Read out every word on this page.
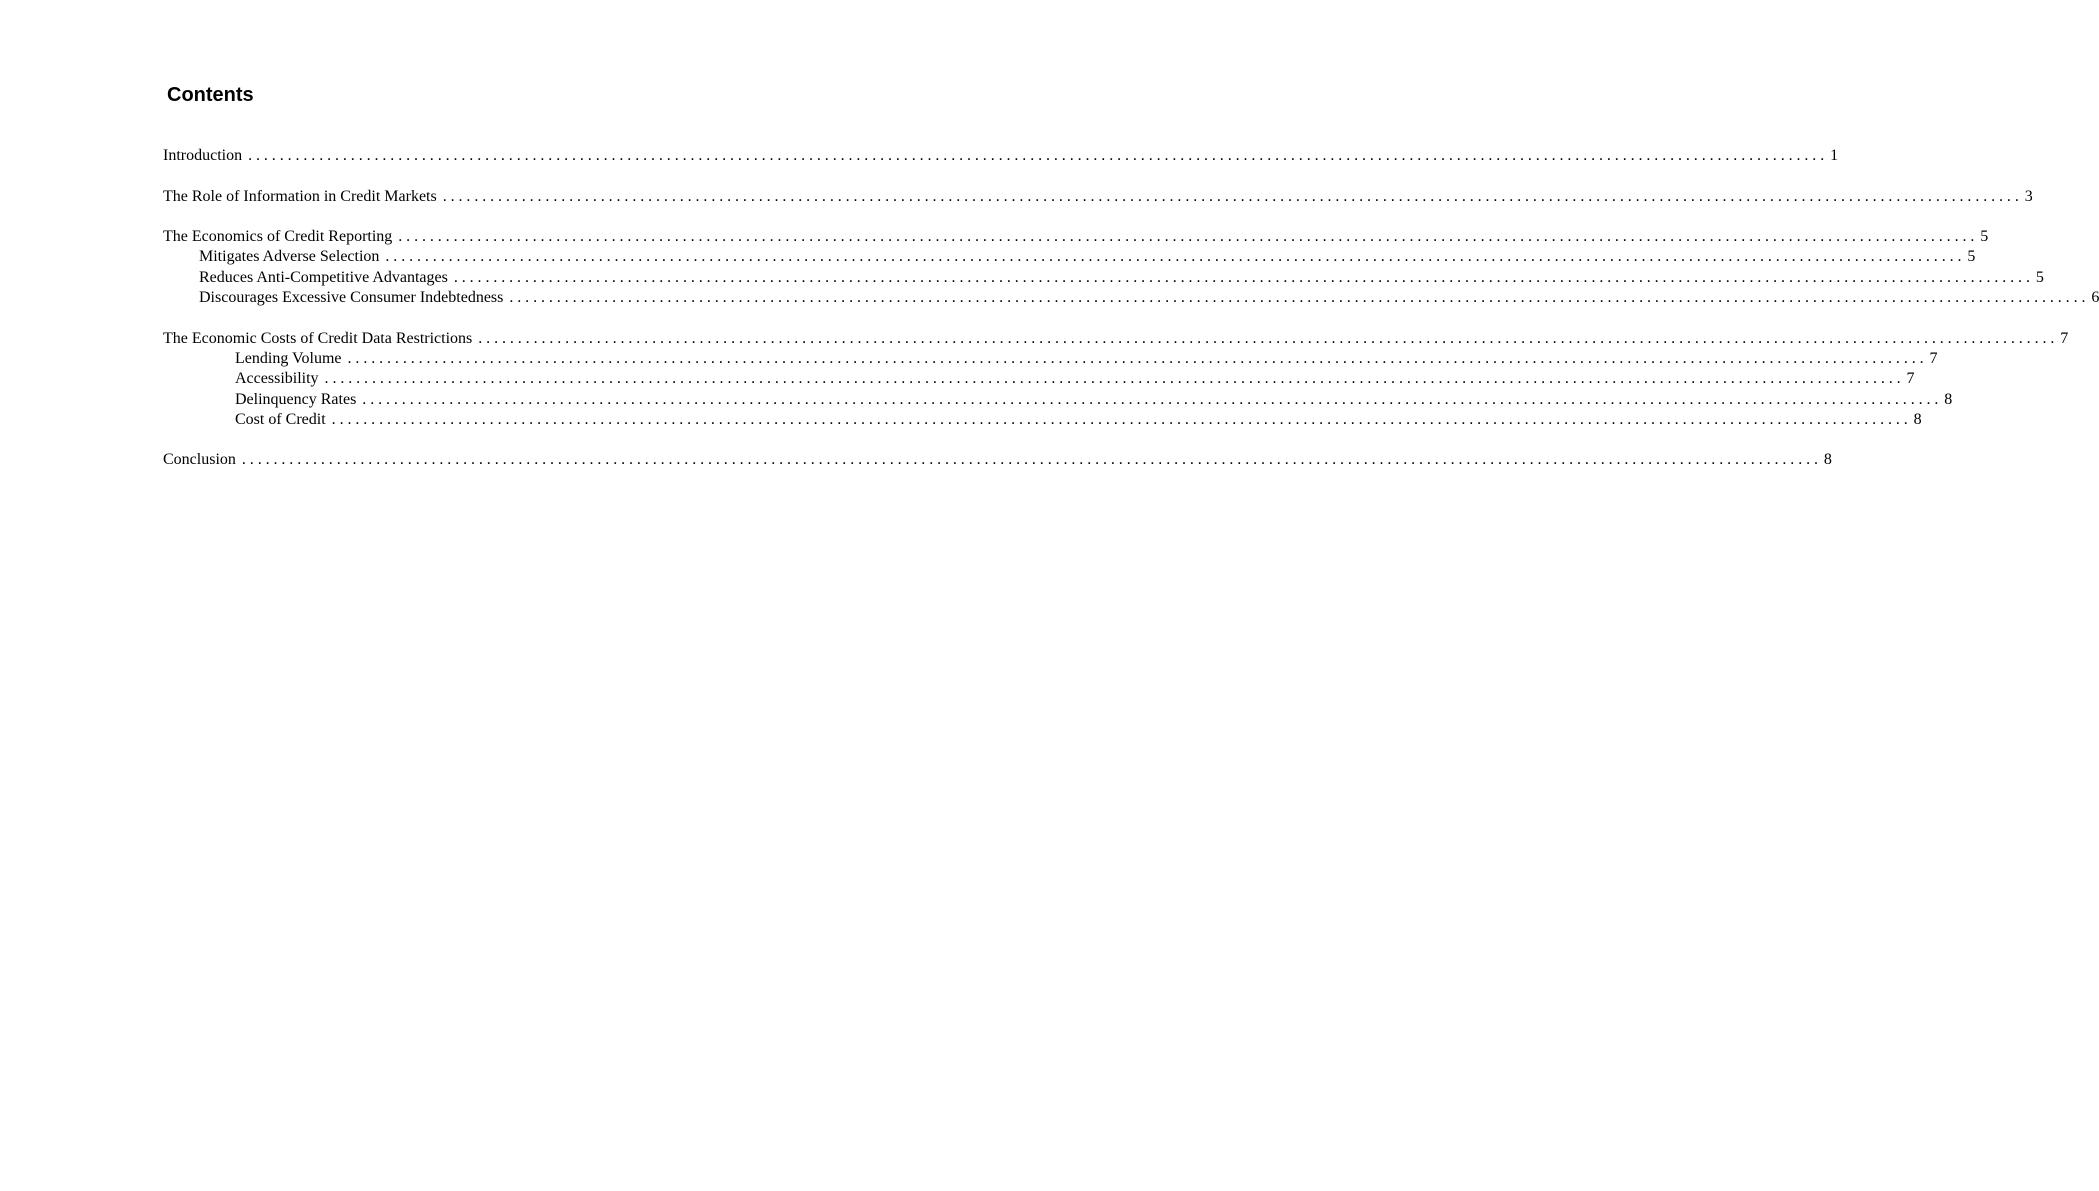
Contents
Introduction ........................................................................................................................................................................................................ 1
The Role of Information in Credit Markets ........................................................................................................................................................................................................ 3
The Economics of Credit Reporting ........................................................................................................................................................................................................ 5
Mitigates Adverse Selection ........................................................................................................................................................................................................ 5
Reduces Anti-Competitive Advantages ........................................................................................................................................................................................................ 5
Discourages Excessive Consumer Indebtedness ........................................................................................................................................................................................................ 6
The Economic Costs of Credit Data Restrictions ........................................................................................................................................................................................................ 7
Lending Volume ........................................................................................................................................................................................................ 7
Accessibility ........................................................................................................................................................................................................ 7
Delinquency Rates ........................................................................................................................................................................................................ 8
Cost of Credit ........................................................................................................................................................................................................ 8
Conclusion ........................................................................................................................................................................................................ 8
